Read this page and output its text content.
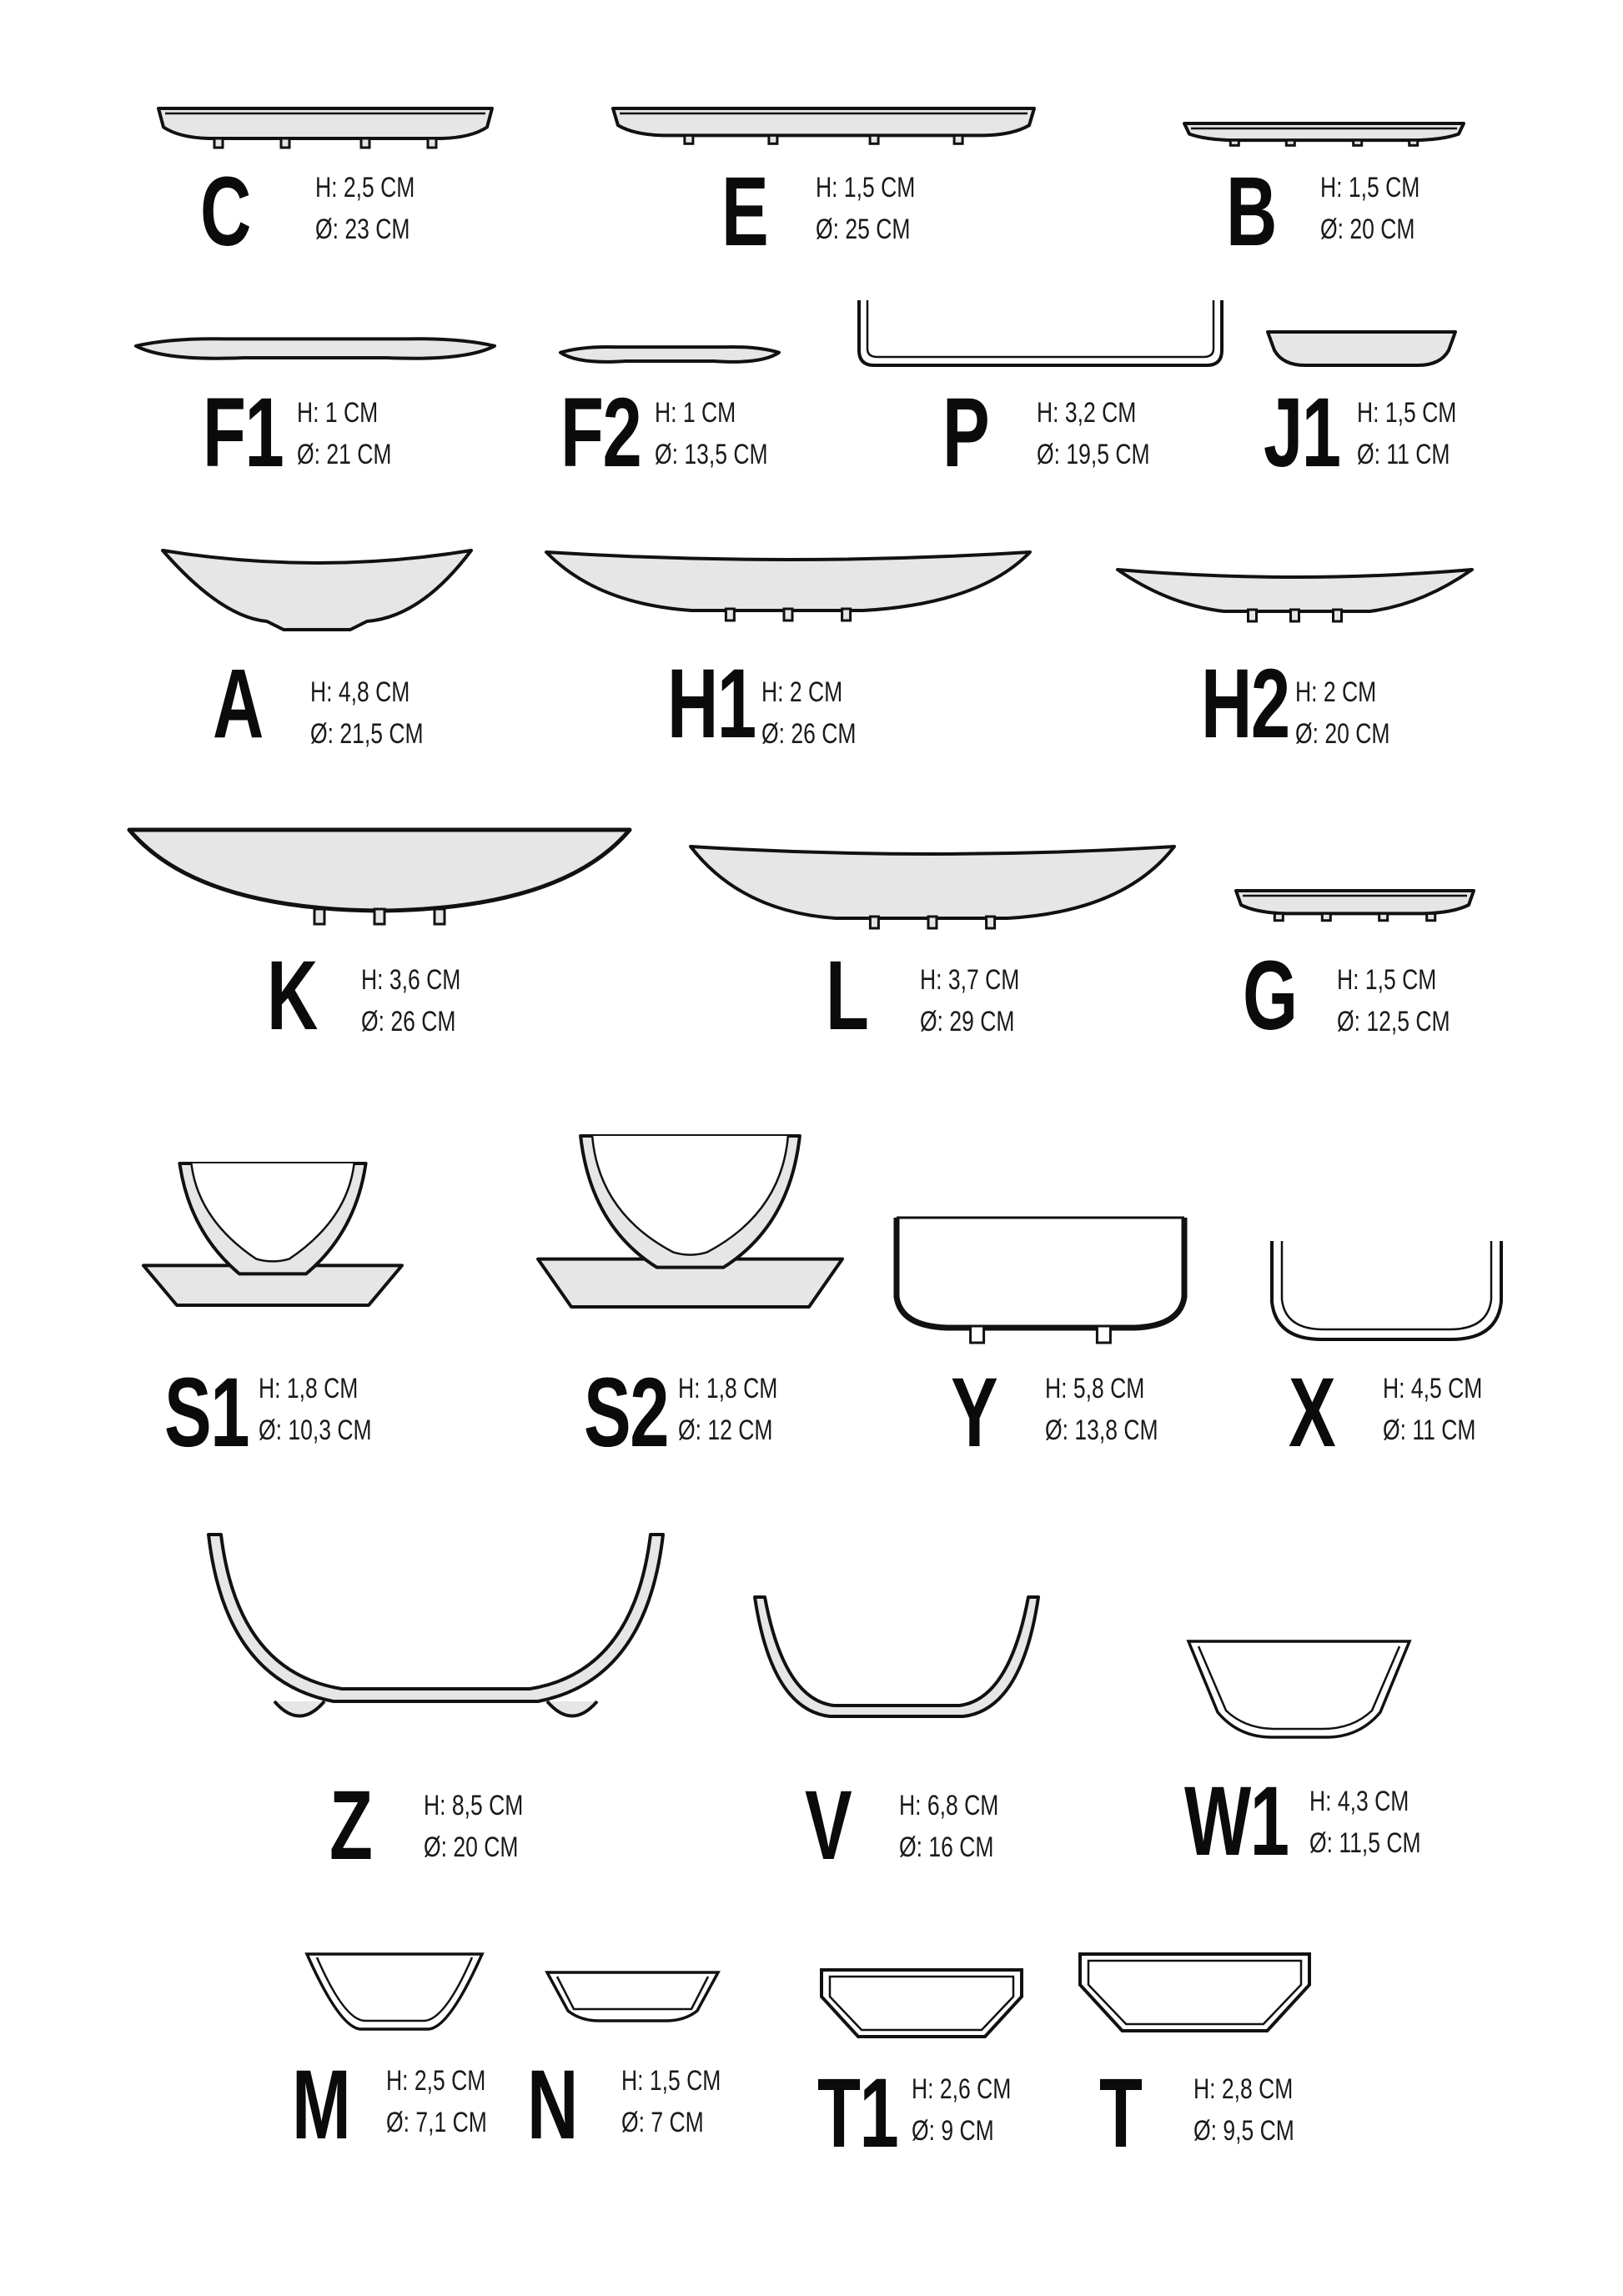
C H: 2,5 CM
Ø: 23 CM	E H: 1,5 CM
Ø: 25 CM	B H: 1,5 CM
Ø: 20 CM
F1 H: 1 CM
Ø: 21 CM F2 H: 1 CM
Ø: 13,5 CM P H: 3,2 CM
Ø: 19,5 CM J1 H: 1,5 CM
Ø: 11 CM
A H: 4,8 CM
Ø: 21,5 CM H1 H: 2 CM
Ø: 26 CM	H2 H: 2 CM
Ø: 20 CM
K H: 3,6 CM
Ø: 26 CM	L H: 3,7 CM
Ø: 29 CM G H: 1,5 CM
Ø: 12,5 CM
S1 H: 1,8 CM
Ø: 10,3 CM S2 H: 1,8 CM
Ø: 12 CM Y H: 5,8 CM
Ø: 13,8 CM X H: 4,5 CM
Ø: 11 CM
Z H: 8,5 CM
Ø: 20 CM	V H: 6,8 CM
Ø: 16 CM W1 H: 4,3 CM
Ø: 11,5 CM
M H: 2,5 CM
Ø: 7,1 CM N H: 1,5 CM
Ø: 7 CM T1 H: 2,6 CM
Ø: 9 CM T H: 2,8 CM
Ø: 9,5 CM
